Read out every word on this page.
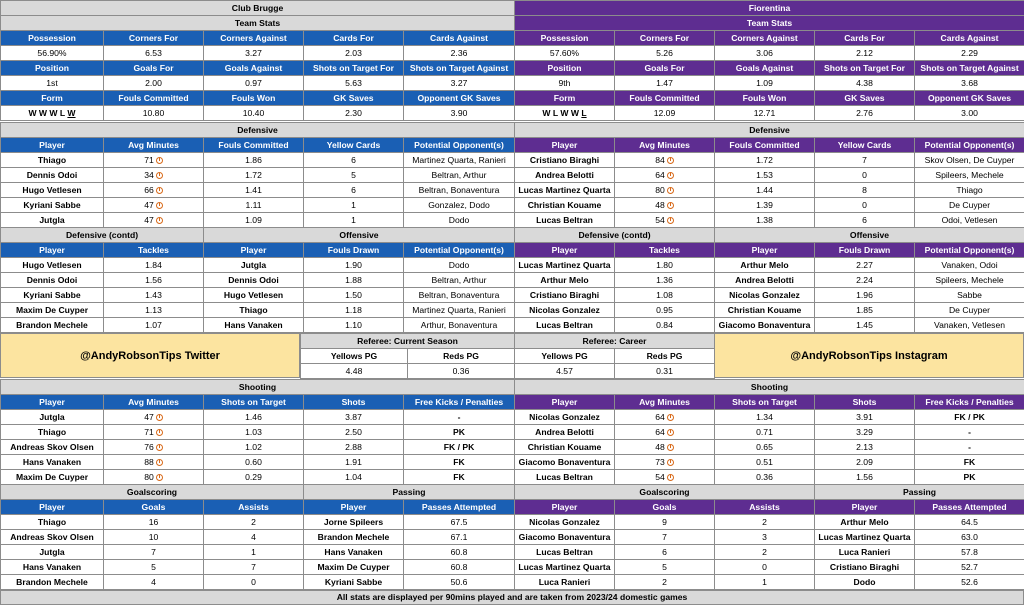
Club Brugge				
Team Stats				
Possession	Corners For	Corners Against	Cards For	Cards Against
56.90%	6.53	3.27	2.03	2.36
Position	Goals For	Goals Against	Shots on Target For	Shots on Target Against
1st	2.00	0.97	5.63	3.27
Form	Fouls Committed	Fouls Won	GK Saves	Opponent GK Saves
W W W L W	10.80	10.40	2.30	3.90
Fiorentina				
Team Stats				
Possession	Corners For	Corners Against	Cards For	Cards Against
57.60%	5.26	3.06	2.12	2.29
Position	Goals For	Goals Against	Shots on Target For	Shots on Target Against
9th	1.47	1.09	4.38	3.68
Form	Fouls Committed	Fouls Won	GK Saves	Opponent GK Saves
W L W W L	12.09	12.71	2.76	3.00
Defensive				
Player	Avg Minutes	Fouls Committed	Yellow Cards	Potential Opponent(s)
Thiago	71	1.86	6	Martinez Quarta, Ranieri
Dennis Odoi	34	1.72	5	Beltran, Arthur
Hugo Vetlesen	66	1.41	6	Beltran, Bonaventura
Kyriani Sabbe	47	1.11	1	Gonzalez, Dodo
Jutgla	47	1.09	1	Dodo
Defensive				
Player	Avg Minutes	Fouls Committed	Yellow Cards	Potential Opponent(s)
Cristiano Biraghi	84	1.72	7	Skov Olsen, De Cuyper
Andrea Belotti	64	1.53	0	Spileers, Mechele
Lucas Martinez Quarta	80	1.44	8	Thiago
Christian Kouame	48	1.39	0	De Cuyper
Lucas Beltran	54	1.38	6	Odoi, Vetlesen
Defensive (contd)		Offensive		
Player	Tackles	Player	Fouls Drawn	Potential Opponent(s)
Hugo Vetlesen	1.84	Jutgla	1.90	Dodo
Dennis Odoi	1.56	Dennis Odoi	1.88	Beltran, Arthur
Kyriani Sabbe	1.43	Hugo Vetlesen	1.50	Beltran, Bonaventura
Maxim De Cuyper	1.13	Thiago	1.18	Martinez Quarta, Ranieri
Brandon Mechele	1.07	Hans Vanaken	1.10	Arthur, Bonaventura
Defensive (contd)		Offensive		
Player	Tackles	Player	Fouls Drawn	Potential Opponent(s)
Lucas Martinez Quarta	1.80	Arthur Melo	2.27	Vanaken, Odoi
Arthur Melo	1.36	Andrea Belotti	2.24	Spileers, Mechele
Cristiano Biraghi	1.08	Nicolas Gonzalez	1.96	Sabbe
Nicolas Gonzalez	0.95	Christian Kouame	1.85	De Cuyper
Lucas Beltran	0.84	Giacomo Bonaventura	1.45	Vanaken, Vetlesen
@AndyRobsonTips Twitter
Referee: Current Season	
Yellows PG	Reds PG
4.48	0.36
Referee: Career	
Yellows PG	Reds PG
4.57	0.31
@AndyRobsonTips Instagram
Shooting				
Player	Avg Minutes	Shots on Target	Shots	Free Kicks / Penalties
Jutgla	47	1.46	3.87	-
Thiago	71	1.03	2.50	PK
Andreas Skov Olsen	76	1.02	2.88	FK / PK
Hans Vanaken	88	0.60	1.91	FK
Maxim De Cuyper	80	0.29	1.04	FK
Shooting				
Player	Avg Minutes	Shots on Target	Shots	Free Kicks / Penalties
Nicolas Gonzalez	64	1.34	3.91	FK / PK
Andrea Belotti	64	0.71	3.29	-
Christian Kouame	48	0.65	2.13	-
Giacomo Bonaventura	73	0.51	2.09	FK
Lucas Beltran	54	0.36	1.56	PK
Goalscoring			Passing	
Player	Goals	Assists	Player	Passes Attempted
Thiago	16	2	Jorne Spileers	67.5
Andreas Skov Olsen	10	4	Brandon Mechele	67.1
Jutgla	7	1	Hans Vanaken	60.8
Hans Vanaken	5	7	Maxim De Cuyper	60.8
Brandon Mechele	4	0	Kyriani Sabbe	50.6
Goalscoring			Passing	
Player	Goals	Assists	Player	Passes Attempted
Nicolas Gonzalez	9	2	Arthur Melo	64.5
Giacomo Bonaventura	7	3	Lucas Martinez Quarta	63.0
Lucas Beltran	6	2	Luca Ranieri	57.8
Lucas Martinez Quarta	5	0	Cristiano Biraghi	52.7
Luca Ranieri	2	1	Dodo	52.6
All stats are displayed per 90mins played and are taken from 2023/24 domestic games
